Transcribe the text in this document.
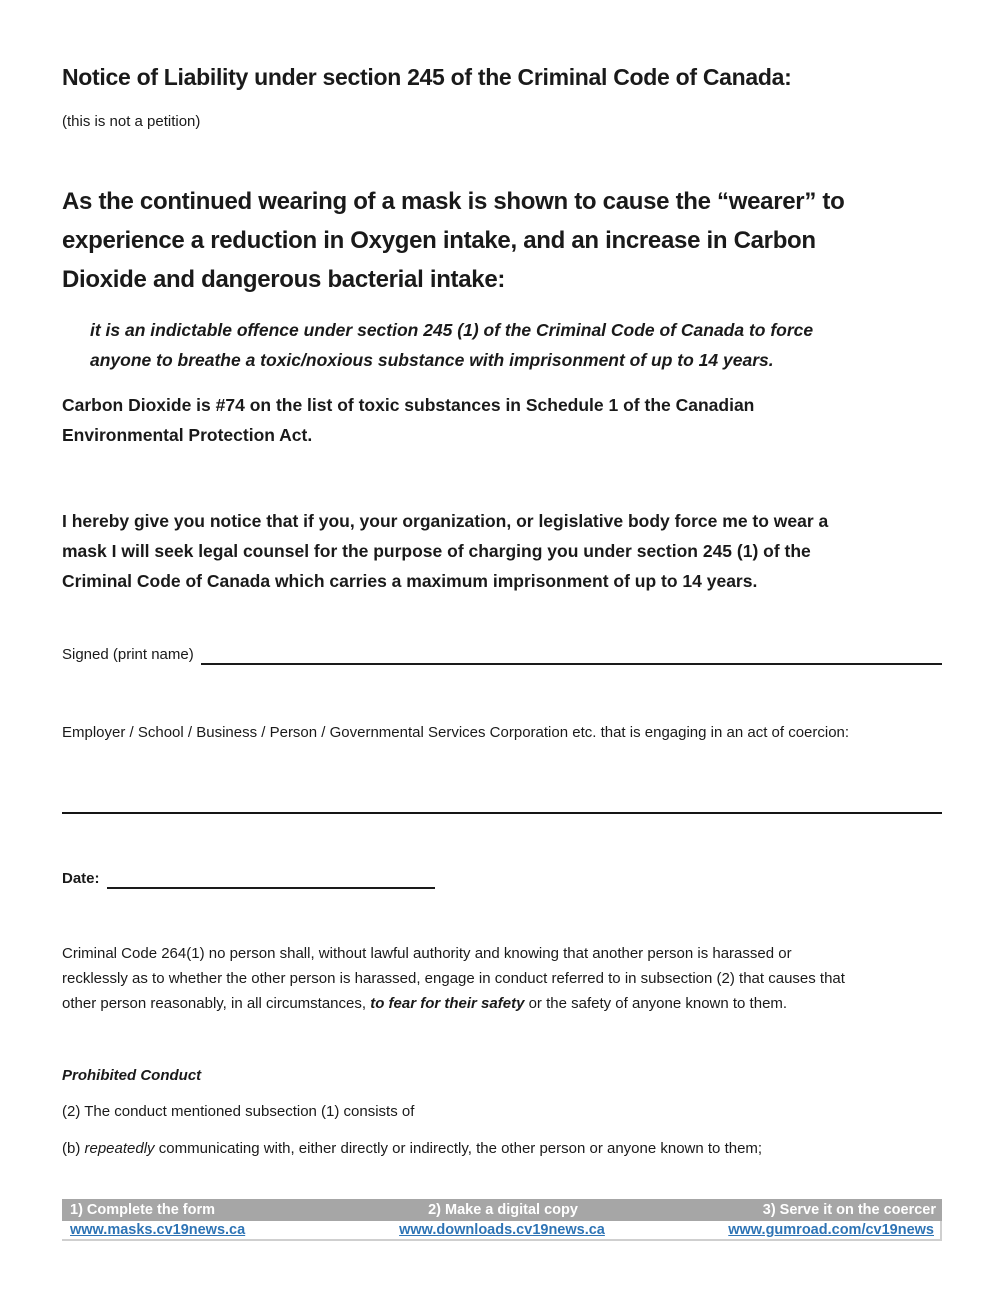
Notice of Liability under section 245 of the Criminal Code of Canada:
(this is not a petition)
As the continued wearing of a mask is shown to cause the “wearer” to
experience a reduction in Oxygen intake, and an increase in Carbon
Dioxide and dangerous bacterial intake:
it is an indictable offence under section 245 (1) of the Criminal Code of Canada to force
anyone to breathe a toxic/noxious substance with imprisonment of up to 14 years.
Carbon Dioxide is #74 on the list of toxic substances in Schedule 1 of the Canadian
Environmental Protection Act.
I hereby give you notice that if you, your organization, or legislative body force me to wear a
mask I will seek legal counsel for the purpose of charging you under section 245 (1) of the
Criminal Code of Canada which carries a maximum imprisonment of up to 14 years.
Signed (print name)
Employer / School / Business / Person / Governmental Services Corporation etc. that is engaging in an act of coercion:
Date:
Criminal Code 264(1) no person shall, without lawful authority and knowing that another person is harassed or
recklessly as to whether the other person is harassed, engage in conduct referred to in subsection (2) that causes that
other person reasonably, in all circumstances, to fear for their safety or the safety of anyone known to them.
Prohibited Conduct
(2) The conduct mentioned subsection (1) consists of
(b) repeatedly communicating with, either directly or indirectly, the other person or anyone known to them;
1) Complete the form	2) Make a digital copy	3) Serve it on the coercer
www.masks.cv19news.ca	www.downloads.cv19news.ca	www.gumroad.com/cv19news
